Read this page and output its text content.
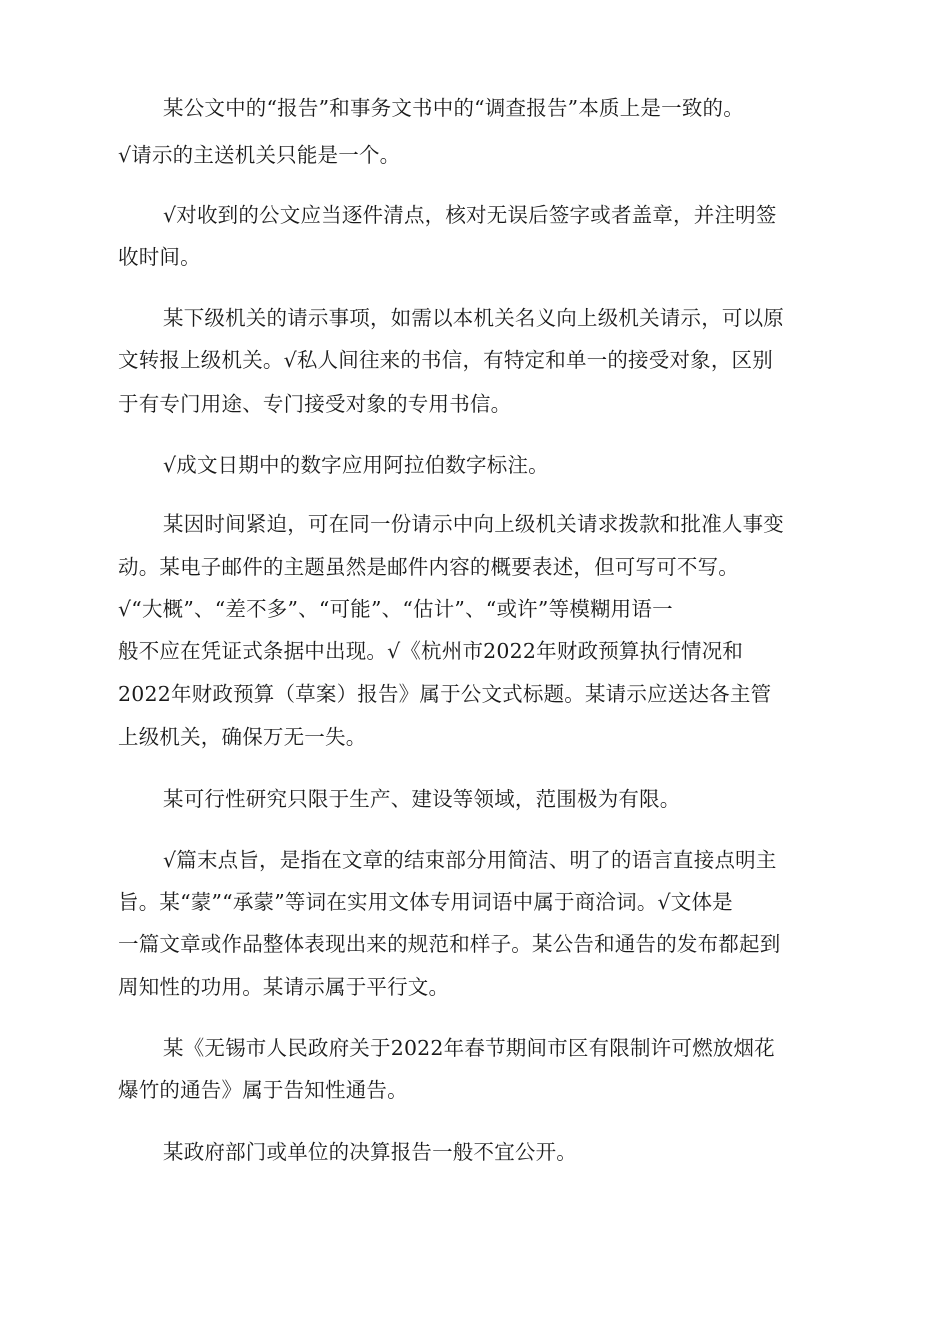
某公文中的“报告”和事务文书中的“调查报告”本质上是一致的。
√请示的主送机关只能是一个。
√对收到的公文应当逐件清点，核对无误后签字或者盖章，并注明签
收时间。
某下级机关的请示事项，如需以本机关名义向上级机关请示，可以原
文转报上级机关。√私人间往来的书信，有特定和单一的接受对象，区别
于有专门用途、专门接受对象的专用书信。
√成文日期中的数字应用阿拉伯数字标注。
某因时间紧迫，可在同一份请示中向上级机关请求拨款和批准人事变
动。某电子邮件的主题虽然是邮件内容的概要表述，但可写可不写。
√“大概”、“差不多”、“可能”、“估计”、“或许”等模糊用语一
般不应在凭证式条据中出现。√《杭州市2022年财政预算执行情况和
2022年财政预算（草案）报告》属于公文式标题。某请示应送达各主管
上级机关，确保万无一失。
某可行性研究只限于生产、建设等领域，范围极为有限。
√篇末点旨，是指在文章的结束部分用简洁、明了的语言直接点明主
旨。某“蒙”“承蒙”等词在实用文体专用词语中属于商洽词。√文体是
一篇文章或作品整体表现出来的规范和样子。某公告和通告的发布都起到
周知性的功用。某请示属于平行文。
某《无锡市人民政府关于2022年春节期间市区有限制许可燃放烟花
爆竹的通告》属于告知性通告。
某政府部门或单位的决算报告一般不宜公开。
